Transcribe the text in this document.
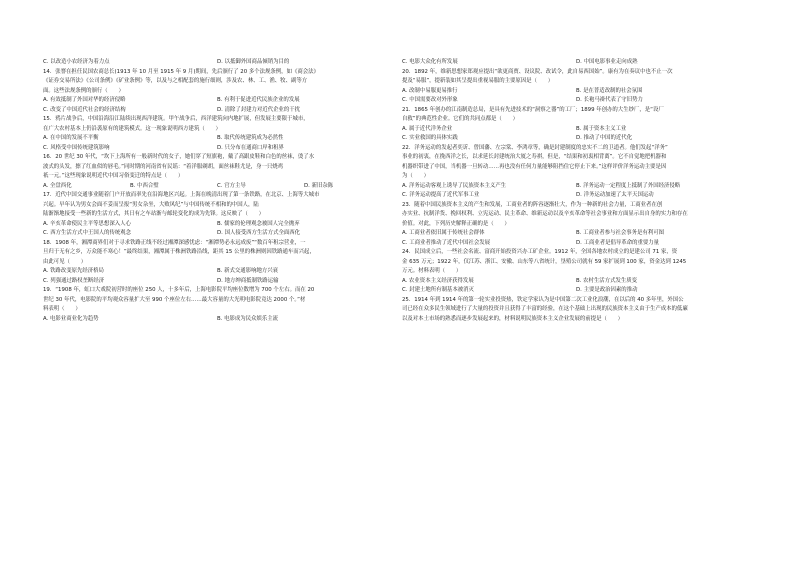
C. 以改造小农经济为着力点	D. 以抵御外国商品倾销为目的
14．张謇在担任民国农商总长(1913 年 10 月至 1915 年 9 月)期间，先后颁行了 20 多个法规条例，如《商会法》
《证券交易所法》《公司条例》《矿业条例》等，以及与之相配套的施行细则，涉及农、林、工、渔、牧、副等方
面。这些法规条例的颁行（　　）
A. 有效抵制了外国对华的经济侵略	B. 有利于促进近代民族企业的发展
C. 改变了中国近代社会的经济结构	D. 清除了封建力对近代企业的干扰
15．鸦片战争后，中国沿海沿江陆续出现西洋建筑。甲午战争后，西洋建筑向内地扩展，但发展主要限于城市，
在广大农村基本上仍沿袭原有的建筑模式。这一现象说明西方建筑（　　）
A. 在中国的发展不平衡	B. 取代传统建筑成为必然性
C. 风格受中国传统建筑影响	D. 只分布在通商口岸和租界
16．20 世纪 30 年代，“坎下上海所有一般新时代的女子，她们穿了短旗袍，戴了高跟皮鞋和白色的丝袜，烫了水
波式的头发，擦了红血似的唇毛。”同时期的河南省有民谣：“着洋服剃胡，面丝袜鞋尤是，身一只烧鸡
祇一元。”这些现象说明近代中国习俗变迁的特点是（　　）
A. 全盘西化	B. 中西合璧	C. 官方主导	D. 新旧杂陈
17．近代中国交通事业随着门户开放而率先在沿海地区兴起。上海在晚清出现了第一条铁路，在北京、上海等大城市
兴起。早年认为男女会面不妥而呈报“男女杂坐，大败风纪”与中国传统不相和的中国人，陆
陆渐渐地接受一些新的生活方式，其日有之车站渐与邮轮变化的成为先锋。这反映了（　　）
A. 辛亥革命使民主平等思想深入人心	B. 儒家的伦理观念被国人完全抛弃
C. 西方生活方式中王国人的传统观念	D. 国人接受西方生活方式全面西化
18．1908 年，湘潭商界们对于寻求铁路正线不经过湘潭深感忧虑：“湘潭势必永远成废”“数百年租宗营业，一
旦归于无有之乡，万众能不寒心！”最终结果，湘潭属于株洲铁路沿线，距其 15 公里的株洲则因铁路通车而兴起，
由此可见（　　）
A. 铁路改变原先经济格局	B. 新式交通影响地方兴衰
C. 列强通过路权垄断经济	D. 地方绅商抵制铁路运输
19．“1908 年，虹口大戏院初营时的座位 250 人，十多年后，上海电影院平均座位数增为 700 个左右。而在 20
世纪 30 年代，电影院的平均观众容量扩大至 990 个座位左右……最大容量的大光明电影院竟达 2000 个。”材
料表明（　　）
A. 电影业商业化为趋势	B. 电影成为民众娱乐主流
C. 电影大众化有所发展	D. 中国电影事业走向成熟
20．1892 年，维新思想家郑观应提出“欲更商贾、设议院、改试令，此自易西国始”。康有为在奏议中也不止一次
提及“易服”，提新装如其呈提出重视易服的主要原因是（　　）
A. 改制中易服更易推行	B. 是在普适改制的社会氛围
C. 中国需要改对外形象	D. 长袍马褂代表了守旧势力
21．1865 年创办的江南制造总局，是具有先进技术的“洞察之器”的工厂；1899 年创办的大生纱厂，是“设厂
自救”的典范性企业。它们的共同点都是（　　）
A. 属于近代洋务企业	B. 属于资本主义工业
C. 实业救国的具体实践	D. 推动了中国的近代化
22．洋务运动的发起者奕䜣、曾国藩、左宗棠、李鸿章等，确是封建制度的忠实不二的卫道者。他们发起“洋务”
事业的初衷，在挽西洋之长，以求延长封建统治大厦之寿祺，但是，“结果和初衷相背离”。它不自觉地把机器和
机器织带进了中国，当机器一旦转动……再也没有任何力量能够阻挡住它停止下来。”这样评价洋务运动主要是因
为（　　）
A. 洋务运动客观上诱导了民族资本主义产生	B. 洋务运动一定程度上抵制了外国经济侵略
C. 洋务运动提高了近代军事工业	D. 洋务运动加速了太平天国运动
23．随着中国民族资本主义的产生和发展，工商业者的阵容逐渐壮大，作为一种新的社会力量，工商业者在创
办实业、抗制洋货、挽回权利、立宪运动、民主革命、维新运动以及辛亥革命等社会事业和方面显示出自身的实力和存在
价值。对此，下列历史解释正确的是（　　）
A. 工商业者依旧属于传统社会群体	B. 工商业者参与社会事务是有利可图
C. 工商业者推动了近代中国社会发展	D. 工商业者是倡导革命的重要力量
24．民国成立后，一些社会名流、富商开始投资兴办工矿企业。1912 年，全国各地农村成立的是建公司 71 家，资
金 635 万元；1922 年，仅江苏、浙江、安徽、山东等八省统计，垦殖公司就有 59 家扩展到 100 家，资金达到 1245
万元。材料表明（　　）
A. 农业资本主义经济获得发展	B. 农村生活方式发生质变
C. 封建土地所有制基本被消灭	D. 主要是政治因素的推动
25．1914 年到 1914 年的第一轮实业投资热，铁定学家认为是中国第二次工业化浪潮，在以后的 40 多年里，外国公
司已经在众多民生领域进行了大量的投资并且获得了丰富的经验，在这个基础上出现的民族资本主义由于生产成本的低廉
以及对本土市场的熟悉而逐步发展起来的，材料说明民族资本主义企业发展的前提是（　　）
